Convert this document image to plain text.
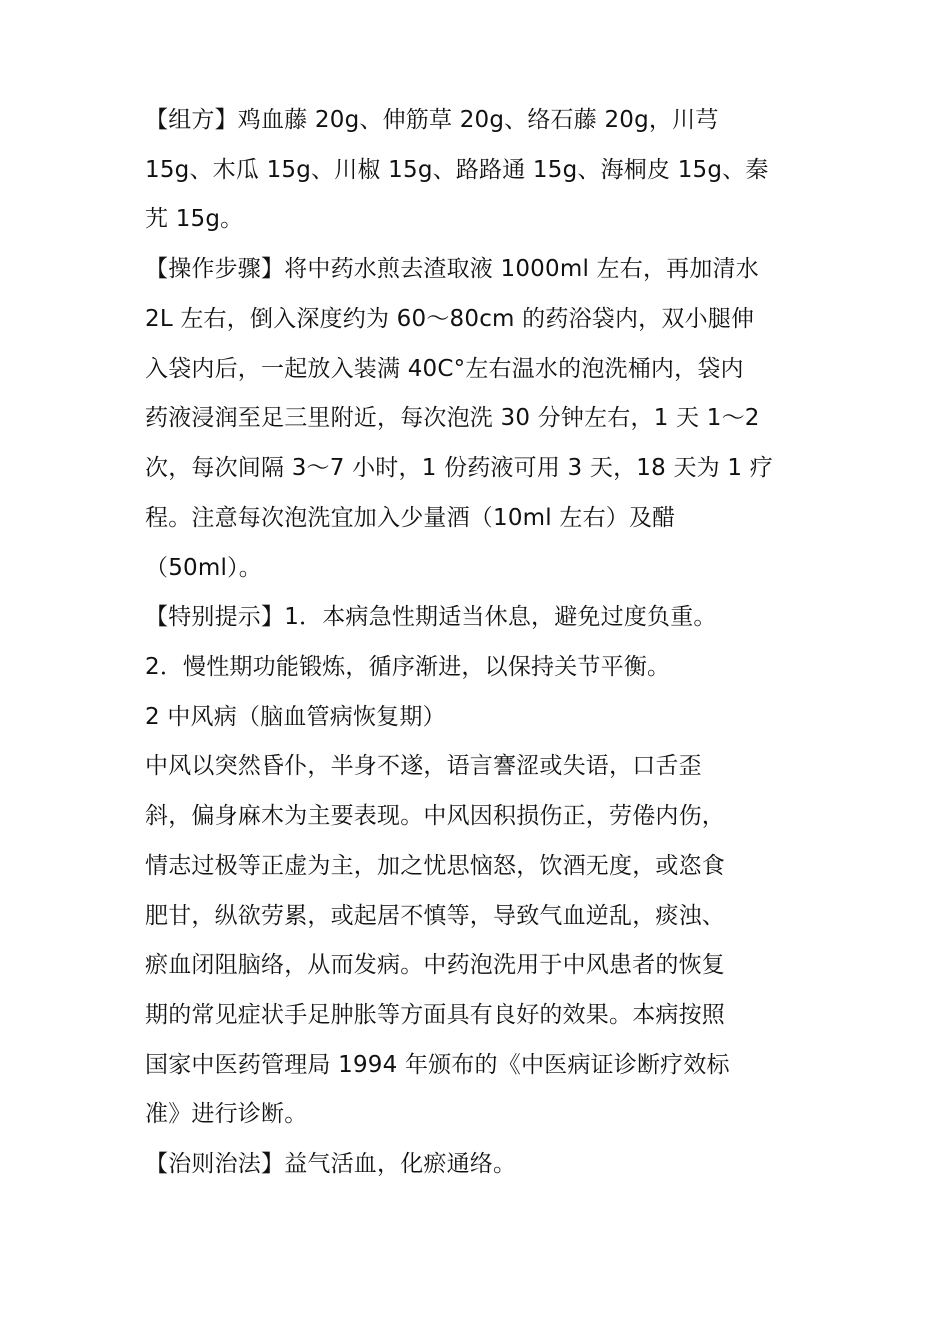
【组方】鸡血藤 20g、伸筋草 20g、络石藤 20g，川芎
15g、木瓜 15g、川椒 15g、路路通 15g、海桐皮 15g、秦
艽 15g。
【操作步骤】将中药水煎去渣取液 1000ml 左右，再加清水
2L 左右，倒入深度约为 60～80cm 的药浴袋内，双小腿伸
入袋内后，一起放入装满 40C°左右温水的泡洗桶内，袋内
药液浸润至足三里附近，每次泡洗 30 分钟左右，1 天 1～2
次，每次间隔 3～7 小时，1 份药液可用 3 天，18 天为 1 疗
程。注意每次泡洗宜加入少量酒（10ml 左右）及醋
（50ml）。
【特别提示】1．本病急性期适当休息，避免过度负重。
2．慢性期功能锻炼，循序渐进，以保持关节平衡。
2 中风病（脑血管病恢复期）
中风以突然昏仆，半身不遂，语言謇涩或失语，口舌歪
斜，偏身麻木为主要表现。中风因积损伤正，劳倦内伤，
情志过极等正虚为主，加之忧思恼怒，饮酒无度，或恣食
肥甘，纵欲劳累，或起居不慎等，导致气血逆乱，痰浊、
瘀血闭阻脑络，从而发病。中药泡洗用于中风患者的恢复
期的常见症状手足肿胀等方面具有良好的效果。本病按照
国家中医药管理局 1994 年颁布的《中医病证诊断疗效标
准》进行诊断。
【治则治法】益气活血，化瘀通络。
